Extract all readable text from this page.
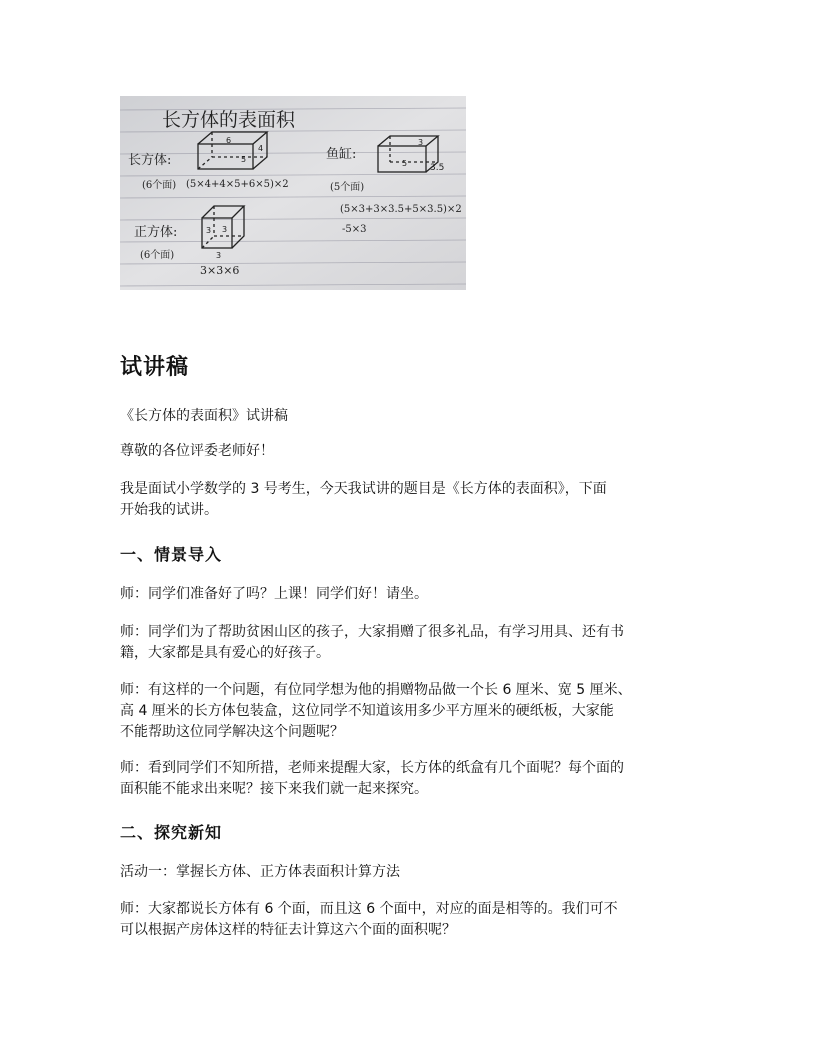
长方体的表面积
6
4
5
长方体:
(6个面) (5×4+4×5+6×5)×2
3
5	3.5
鱼缸:
(5个面)
(5×3+3×3.5+5×3.5)×2
-5×3
3 3
3
正方体:
(6个面)
3×3×6
试讲稿

《长方体的表面积》试讲稿

尊敬的各位评委老师好！

我是面试小学数学的 3 号考生，今天我试讲的题目是《长方体的表面积》，下面

开始我的试讲。

一、情景导入

师：同学们准备好了吗？上课！同学们好！请坐。

师：同学们为了帮助贫困山区的孩子，大家捐赠了很多礼品，有学习用具、还有书

籍，大家都是具有爱心的好孩子。

师：有这样的一个问题，有位同学想为他的捐赠物品做一个长 6 厘米、宽 5 厘米、

高 4 厘米的长方体包装盒，这位同学不知道该用多少平方厘米的硬纸板，大家能

不能帮助这位同学解决这个问题呢？

师：看到同学们不知所措，老师来提醒大家，长方体的纸盒有几个面呢？每个面的

面积能不能求出来呢？接下来我们就一起来探究。

二、探究新知

活动一：掌握长方体、正方体表面积计算方法

师：大家都说长方体有 6 个面，而且这 6 个面中，对应的面是相等的。我们可不

可以根据产房体这样的特征去计算这六个面的面积呢？
